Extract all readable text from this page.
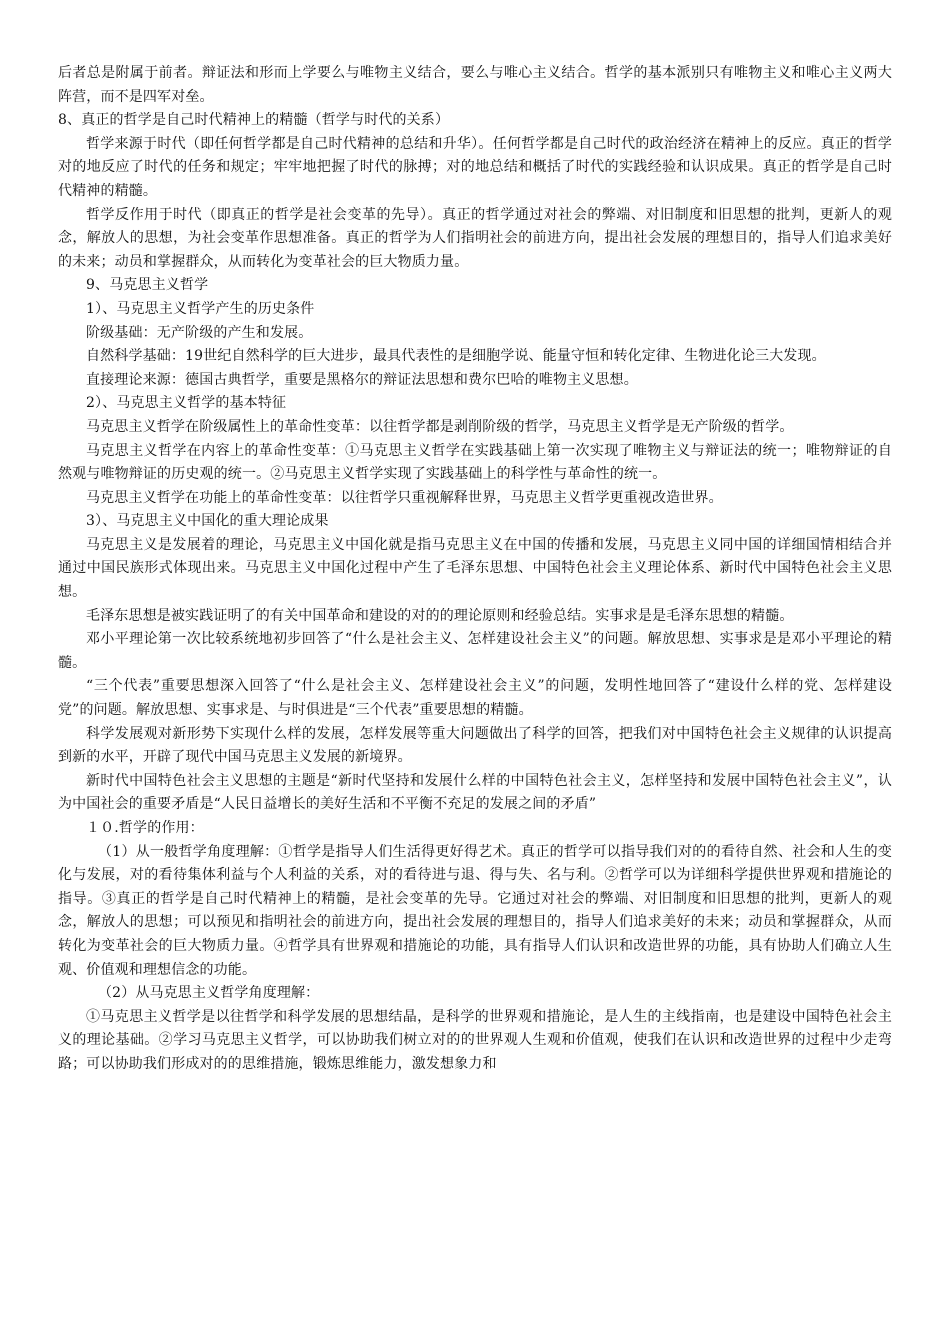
后者总是附属于前者。辩证法和形而上学要么与唯物主义结合，要么与唯心主义结合。哲学的基本派别只有唯物主义和唯心主义两大阵营，而不是四军对垒。

8、真正的哲学是自己时代精神上的精髓（哲学与时代的关系）

哲学来源于时代（即任何哲学都是自己时代精神的总结和升华）。任何哲学都是自己时代的政治经济在精神上的反应。真正的哲学对的地反应了时代的任务和规定；牢牢地把握了时代的脉搏；对的地总结和概括了时代的实践经验和认识成果。真正的哲学是自己时代精神的精髓。

哲学反作用于时代（即真正的哲学是社会变革的先导）。真正的哲学通过对社会的弊端、对旧制度和旧思想的批判，更新人的观念，解放人的思想，为社会变革作思想准备。真正的哲学为人们指明社会的前进方向，提出社会发展的理想目的，指导人们追求美好的未来；动员和掌握群众，从而转化为变革社会的巨大物质力量。

9、马克思主义哲学

1）、马克思主义哲学产生的历史条件

阶级基础：无产阶级的产生和发展。

自然科学基础：19世纪自然科学的巨大进步，最具代表性的是细胞学说、能量守恒和转化定律、生物进化论三大发现。

直接理论来源：德国古典哲学，重要是黑格尔的辩证法思想和费尔巴哈的唯物主义思想。

2）、马克思主义哲学的基本特征

马克思主义哲学在阶级属性上的革命性变革：以往哲学都是剥削阶级的哲学，马克思主义哲学是无产阶级的哲学。

马克思主义哲学在内容上的革命性变革：①马克思主义哲学在实践基础上第一次实现了唯物主义与辩证法的统一；唯物辩证的自然观与唯物辩证的历史观的统一。②马克思主义哲学实现了实践基础上的科学性与革命性的统一。

马克思主义哲学在功能上的革命性变革：以往哲学只重视解释世界，马克思主义哲学更重视改造世界。

3）、马克思主义中国化的重大理论成果

马克思主义是发展着的理论，马克思主义中国化就是指马克思主义在中国的传播和发展，马克思主义同中国的详细国情相结合并通过中国民族形式体现出来。马克思主义中国化过程中产生了毛泽东思想、中国特色社会主义理论体系、新时代中国特色社会主义思想。

毛泽东思想是被实践证明了的有关中国革命和建设的对的的理论原则和经验总结。实事求是是毛泽东思想的精髓。

邓小平理论第一次比较系统地初步回答了“什么是社会主义、怎样建设社会主义”的问题。解放思想、实事求是是邓小平理论的精髓。

“三个代表”重要思想深入回答了“什么是社会主义、怎样建设社会主义”的问题，发明性地回答了“建设什么样的党、怎样建设党”的问题。解放思想、实事求是、与时俱进是“三个代表”重要思想的精髓。

科学发展观对新形势下实现什么样的发展，怎样发展等重大问题做出了科学的回答，把我们对中国特色社会主义规律的认识提高到新的水平，开辟了现代中国马克思主义发展的新境界。

新时代中国特色社会主义思想的主题是“新时代坚持和发展什么样的中国特色社会主义，怎样坚持和发展中国特色社会主义”，认为中国社会的重要矛盾是“人民日益增长的美好生活和不平衡不充足的发展之间的矛盾”

１０.哲学的作用：

（1）从一般哲学角度理解：①哲学是指导人们生活得更好得艺术。真正的哲学可以指导我们对的的看待自然、社会和人生的变化与发展，对的看待集体利益与个人利益的关系，对的看待进与退、得与失、名与利。②哲学可以为详细科学提供世界观和措施论的指导。③真正的哲学是自己时代精神上的精髓，是社会变革的先导。它通过对社会的弊端、对旧制度和旧思想的批判，更新人的观念，解放人的思想；可以预见和指明社会的前进方向，提出社会发展的理想目的，指导人们追求美好的未来；动员和掌握群众，从而转化为变革社会的巨大物质力量。④哲学具有世界观和措施论的功能，具有指导人们认识和改造世界的功能，具有协助人们确立人生观、价值观和理想信念的功能。

（2）从马克思主义哲学角度理解：

①马克思主义哲学是以往哲学和科学发展的思想结晶，是科学的世界观和措施论，是人生的主线指南，也是建设中国特色社会主义的理论基础。②学习马克思主义哲学，可以协助我们树立对的的世界观人生观和价值观，使我们在认识和改造世界的过程中少走弯路；可以协助我们形成对的的思维措施，锻炼思维能力，激发想象力和
